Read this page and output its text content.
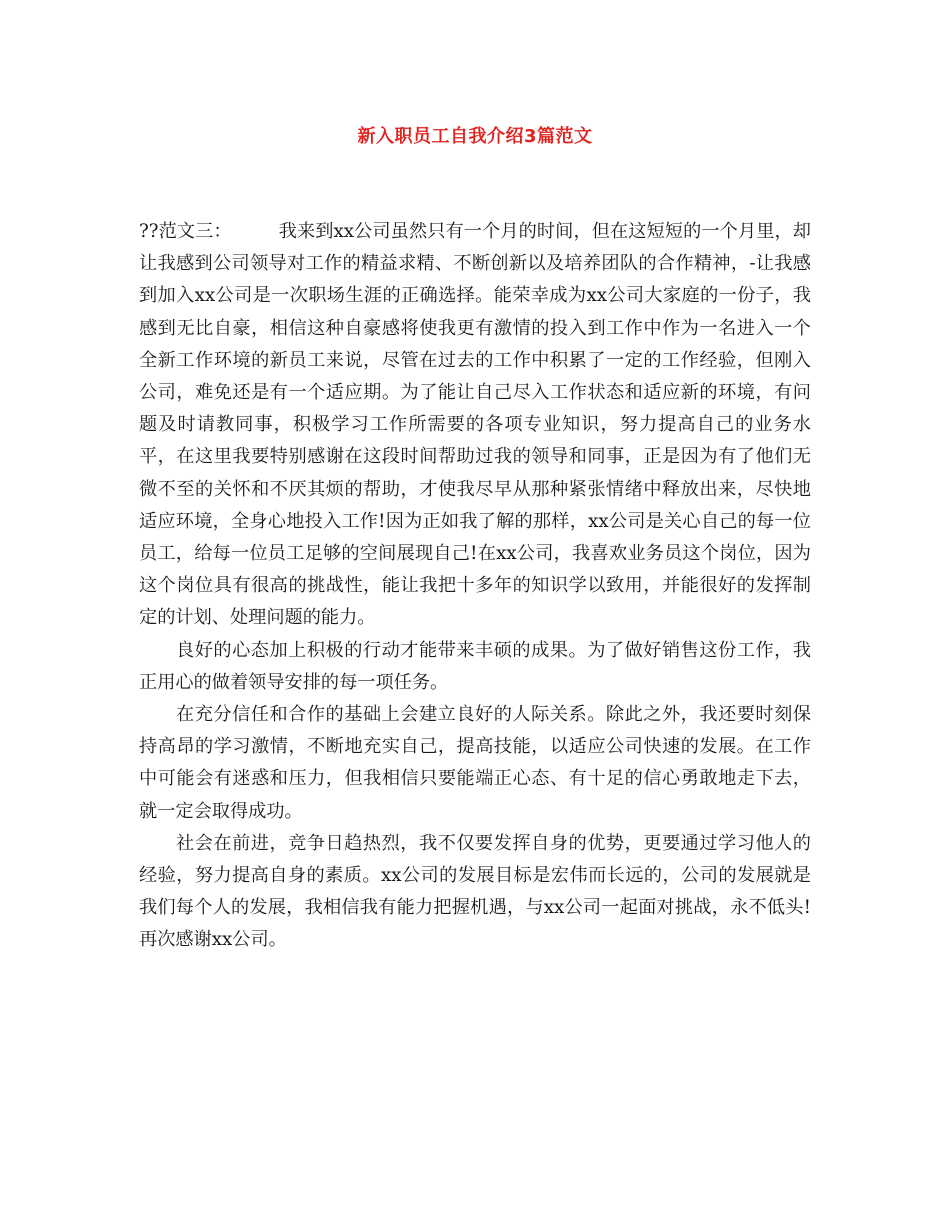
新入职员工自我介绍3篇范文

??范文三：        我来到xx公司虽然只有一个月的时间，但在这短短的一个月里，却让我感到公司领导对工作的精益求精、不断创新以及培养团队的合作精神，-让我感到加入xx公司是一次职场生涯的正确选择。能荣幸成为xx公司大家庭的一份子，我感到无比自豪，相信这种自豪感将使我更有激情的投入到工作中作为一名进入一个全新工作环境的新员工来说，尽管在过去的工作中积累了一定的工作经验，但刚入公司，难免还是有一个适应期。为了能让自己尽入工作状态和适应新的环境，有问题及时请教同事，积极学习工作所需要的各项专业知识，努力提高自己的业务水平，在这里我要特别感谢在这段时间帮助过我的领导和同事，正是因为有了他们无微不至的关怀和不厌其烦的帮助，才使我尽早从那种紧张情绪中释放出来，尽快地适应环境，全身心地投入工作!因为正如我了解的那样，xx公司是关心自己的每一位员工，给每一位员工足够的空间展现自己!在xx公司，我喜欢业务员这个岗位，因为这个岗位具有很高的挑战性，能让我把十多年的知识学以致用，并能很好的发挥制定的计划、处理问题的能力。

良好的心态加上积极的行动才能带来丰硕的成果。为了做好销售这份工作，我正用心的做着领导安排的每一项任务。

在充分信任和合作的基础上会建立良好的人际关系。除此之外，我还要时刻保持高昂的学习激情，不断地充实自己，提高技能，以适应公司快速的发展。在工作中可能会有迷惑和压力，但我相信只要能端正心态、有十足的信心勇敢地走下去，就一定会取得成功。

社会在前进，竞争日趋热烈，我不仅要发挥自身的优势，更要通过学习他人的经验，努力提高自身的素质。xx公司的发展目标是宏伟而长远的，公司的发展就是我们每个人的发展，我相信我有能力把握机遇，与xx公司一起面对挑战，永不低头!再次感谢xx公司。
